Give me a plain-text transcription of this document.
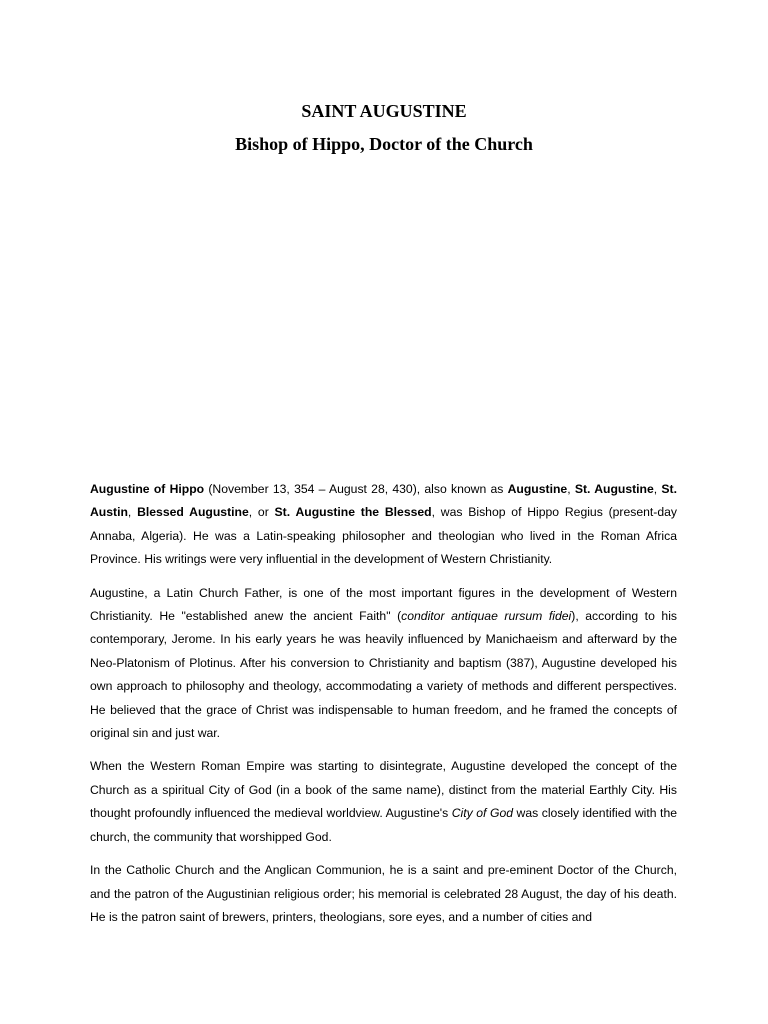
SAINT AUGUSTINE
Bishop of Hippo, Doctor of the Church

Augustine of Hippo (November 13, 354 – August 28, 430), also known as Augustine, St. Augustine, St. Austin, Blessed Augustine, or St. Augustine the Blessed, was Bishop of Hippo Regius (present-day Annaba, Algeria). He was a Latin-speaking philosopher and theologian who lived in the Roman Africa Province. His writings were very influential in the development of Western Christianity.

Augustine, a Latin Church Father, is one of the most important figures in the development of Western Christianity. He "established anew the ancient Faith" (conditor antiquae rursum fidei), according to his contemporary, Jerome. In his early years he was heavily influenced by Manichaeism and afterward by the Neo-Platonism of Plotinus. After his conversion to Christianity and baptism (387), Augustine developed his own approach to philosophy and theology, accommodating a variety of methods and different perspectives. He believed that the grace of Christ was indispensable to human freedom, and he framed the concepts of original sin and just war.

When the Western Roman Empire was starting to disintegrate, Augustine developed the concept of the Church as a spiritual City of God (in a book of the same name), distinct from the material Earthly City. His thought profoundly influenced the medieval worldview. Augustine's City of God was closely identified with the church, the community that worshipped God.

In the Catholic Church and the Anglican Communion, he is a saint and pre-eminent Doctor of the Church, and the patron of the Augustinian religious order; his memorial is celebrated 28 August, the day of his death. He is the patron saint of brewers, printers, theologians, sore eyes, and a number of cities and
